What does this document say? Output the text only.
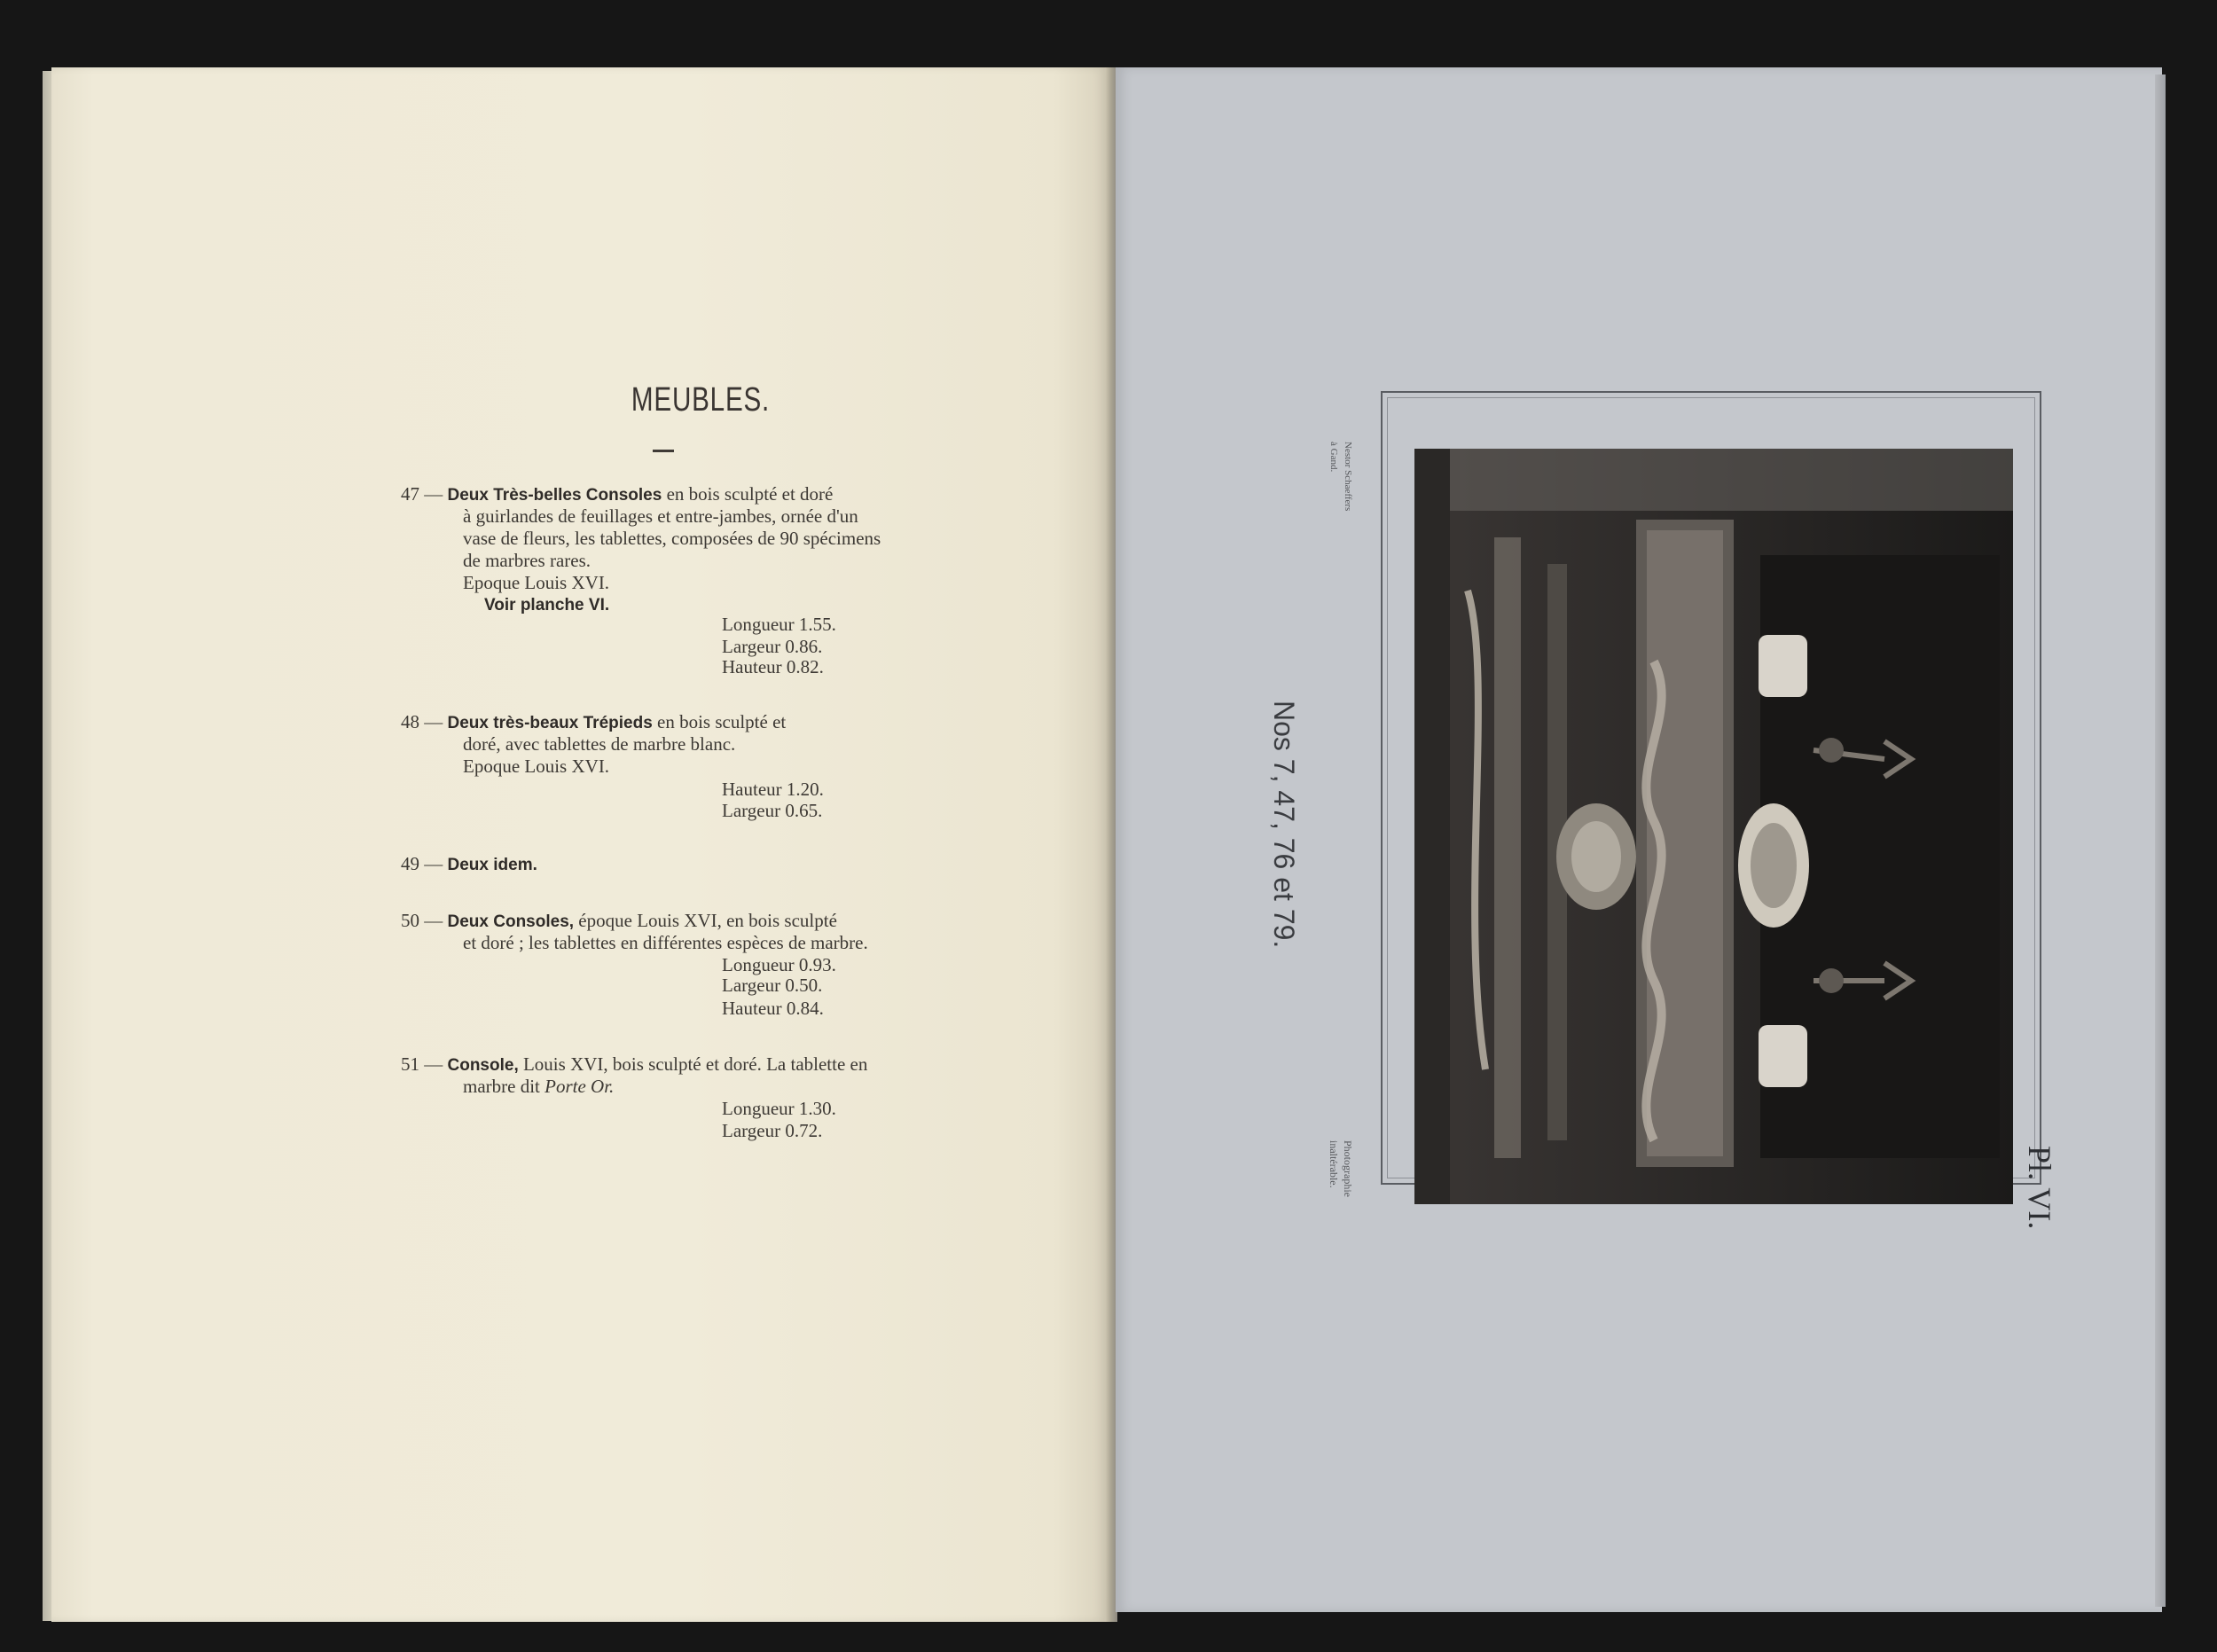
MEUBLES.
47 — Deux Très-belles Consoles en bois sculpté et doré
à guirlandes de feuillages et entre-jambes, ornée d'un
vase de fleurs, les tablettes, composées de 90 spécimens
de marbres rares.
Epoque Louis XVI.
Voir planche VI.
Longueur 1.55.
Largeur 0.86.
Hauteur 0.82.
48 — Deux très-beaux Trépieds en bois sculpté et
doré, avec tablettes de marbre blanc.
Epoque Louis XVI.
Hauteur 1.20.
Largeur 0.65.
49 — Deux idem.
50 — Deux Consoles, époque Louis XVI, en bois sculpté
et doré ; les tablettes en différentes espèces de marbre.
Longueur 0.93.
Largeur 0.50.
Hauteur 0.84.
51 — Console, Louis XVI, bois sculpté et doré. La tablette en
marbre dit Porte Or.
Longueur 1.30.
Largeur 0.72.
Nestor Schaeffers
à Gand.
Photographie
inaltérable.
Nos 7, 47, 76 et 79.
Pl. VI.
